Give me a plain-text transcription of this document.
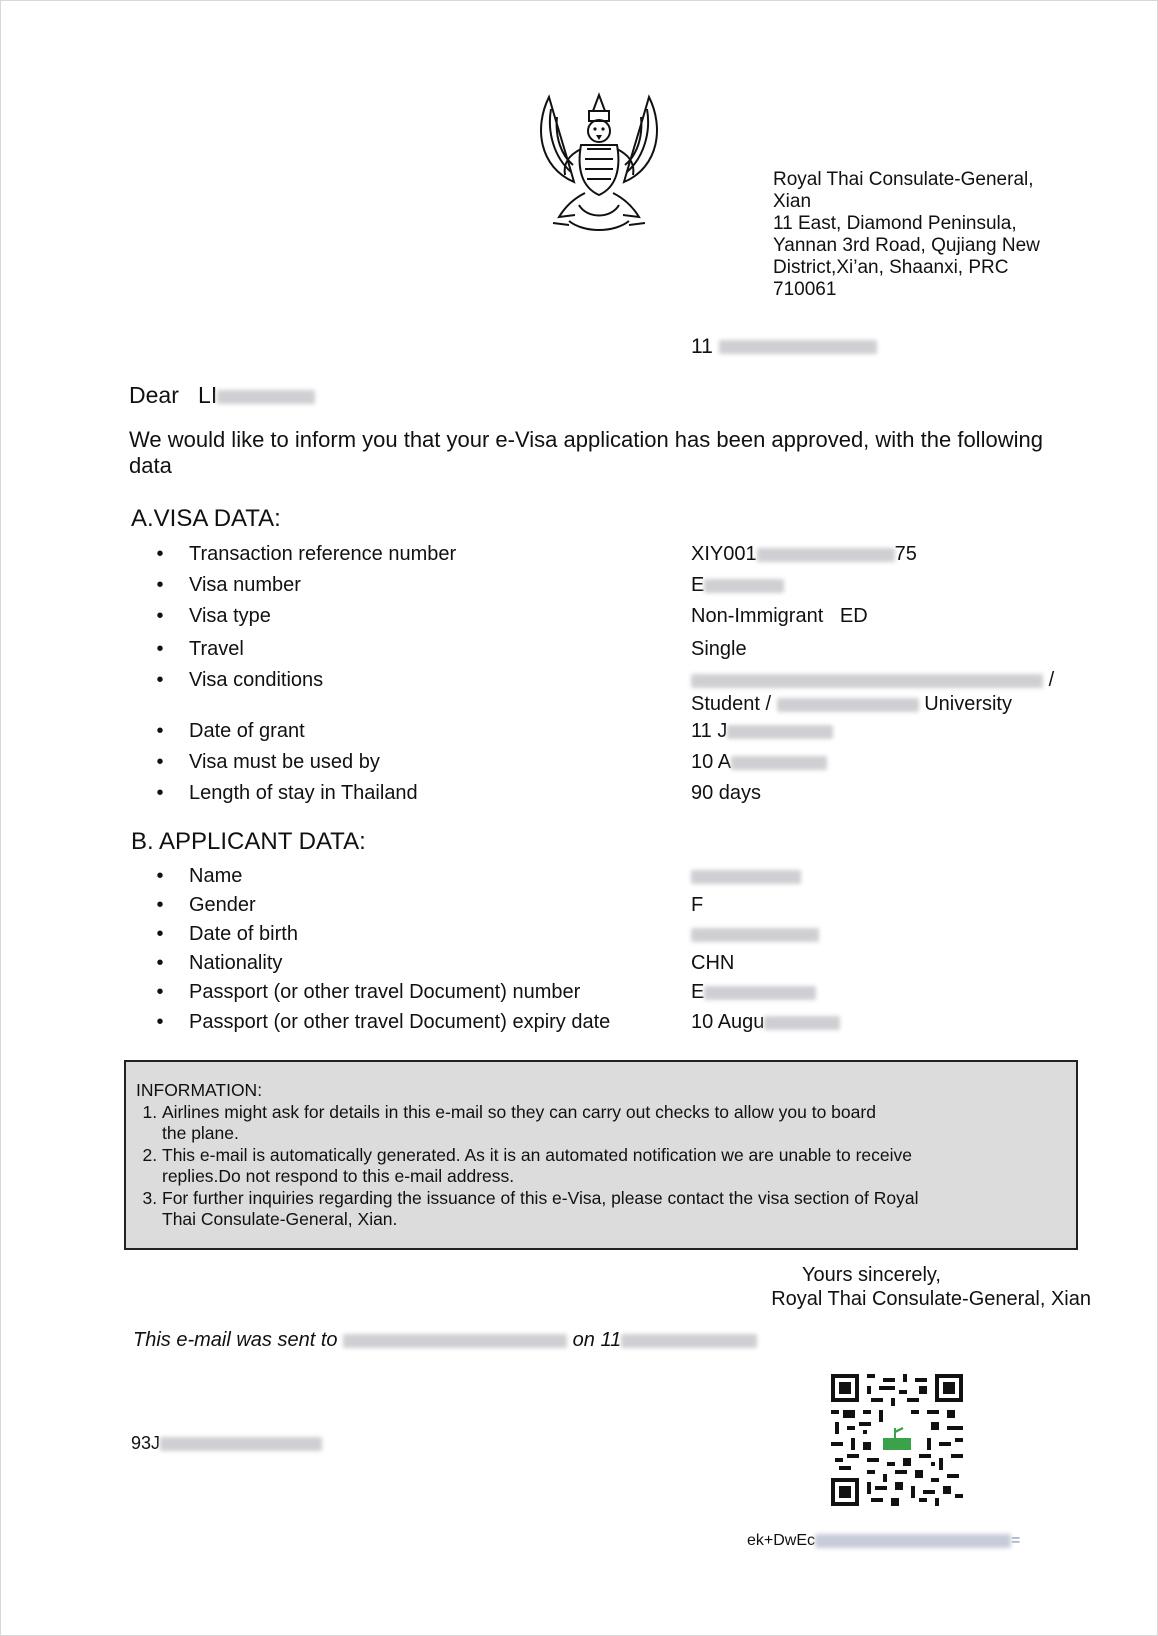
Royal Thai Consulate-General,
Xian
11 East, Diamond Peninsula,
Yannan 3rd Road, Qujiang New
District,Xi’an, Shaanxi, PRC
710061
11
Dear LI
We would like to inform you that your e-Visa application has been approved, with the following data
A.VISA DATA:
• Transaction reference number	XIY001	75
• Visa number	E
• Visa type	Non-Immigrant   ED
• Travel	Single
• Visa conditions	/
Student /	University
• Date of grant	11 J
• Visa must be used by	10 A
• Length of stay in Thailand	90 days
B. APPLICANT DATA:
• Name
• Gender	F
• Date of birth
• Nationality	CHN
• Passport (or other travel Document) number	E
• Passport (or other travel Document) expiry date	10 Augu
INFORMATION:
1. Airlines might ask for details in this e-mail so they can carry out checks to allow you to board the plane.
2. This e-mail is automatically generated. As it is an automated notification we are unable to receive replies.Do not respond to this e-mail address.
3. For further inquiries regarding the issuance of this e-Visa, please contact the visa section of Royal Thai Consulate-General, Xian.
Yours sincerely,
Royal Thai Consulate-General, Xian
This e-mail was sent to	on 11
93J
ek+DwEc	=
